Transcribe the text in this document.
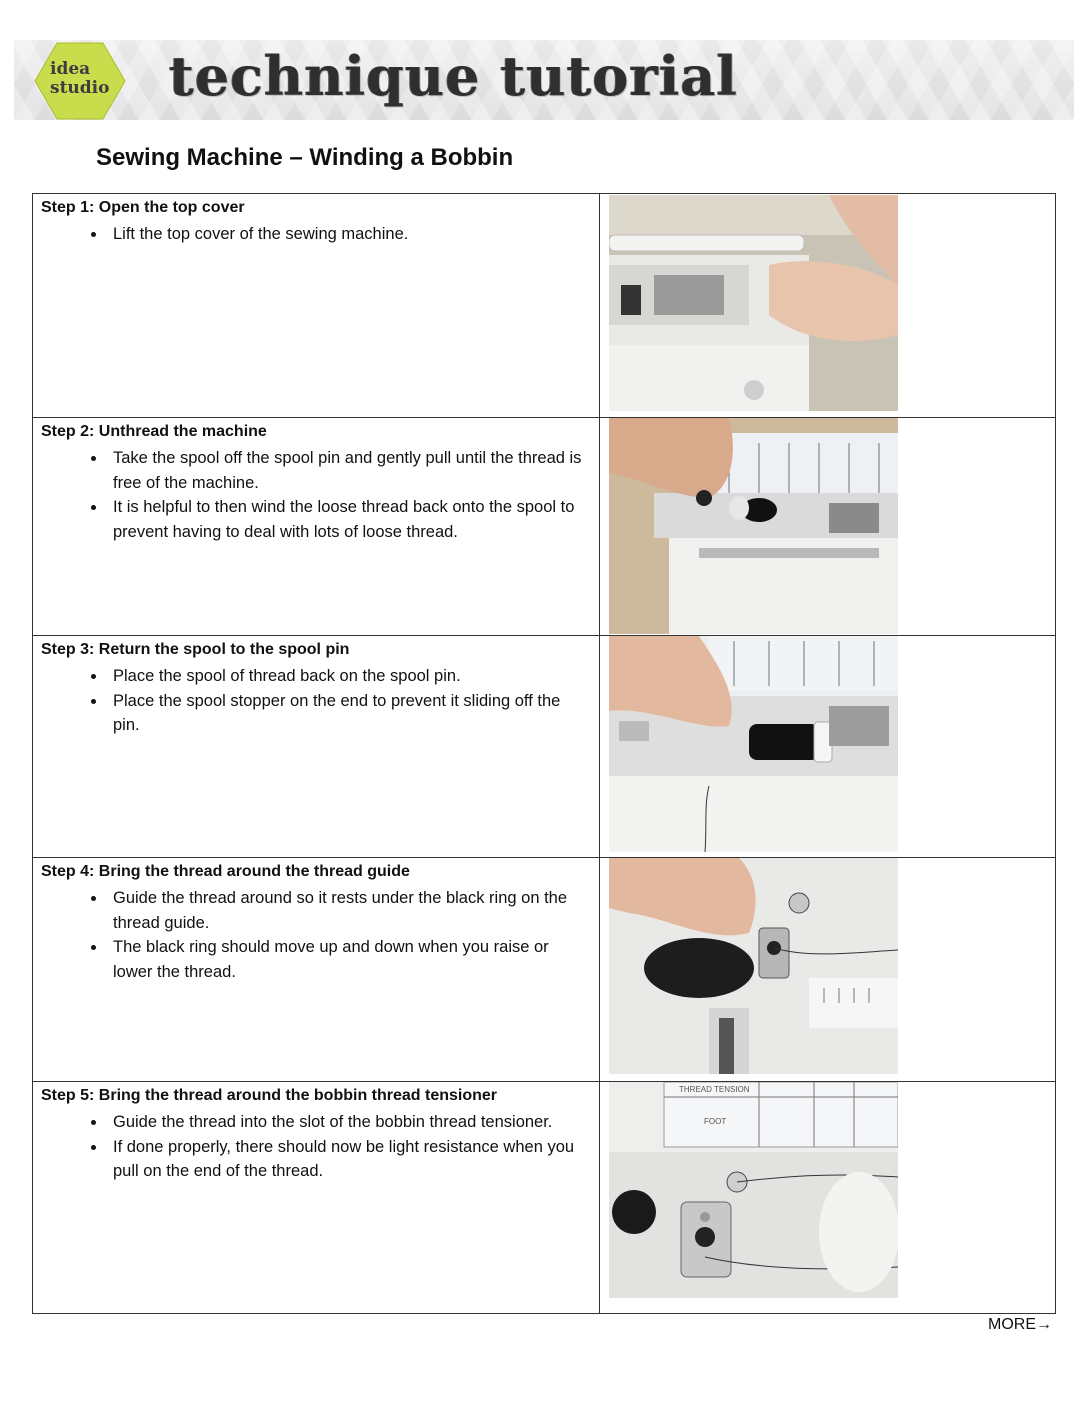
idea
studio technique tutorial
Sewing Machine – Winding a Bobbin

Step 1: Open the top cover

• Lift the top cover of the sewing machine.

Step 2: Unthread the machine

• Take the spool off the spool pin and gently pull until the thread is free of the machine.
• It is helpful to then wind the loose thread back onto the spool to prevent having to deal with lots of loose thread.

Step 3: Return the spool to the spool pin

• Place the spool of thread back on the spool pin.
• Place the spool stopper on the end to prevent it sliding off the pin.

Step 4: Bring the thread around the thread guide

• Guide the thread around so it rests under the black ring on the thread guide.
• The black ring should move up and down when you raise or lower the thread.

Step 5: Bring the thread around the bobbin thread tensioner

• Guide the thread into the slot of the bobbin thread tensioner.
• If done properly, there should now be light resistance when you pull on the end of the thread.
THREAD TENSION
FOOT
MORE→
